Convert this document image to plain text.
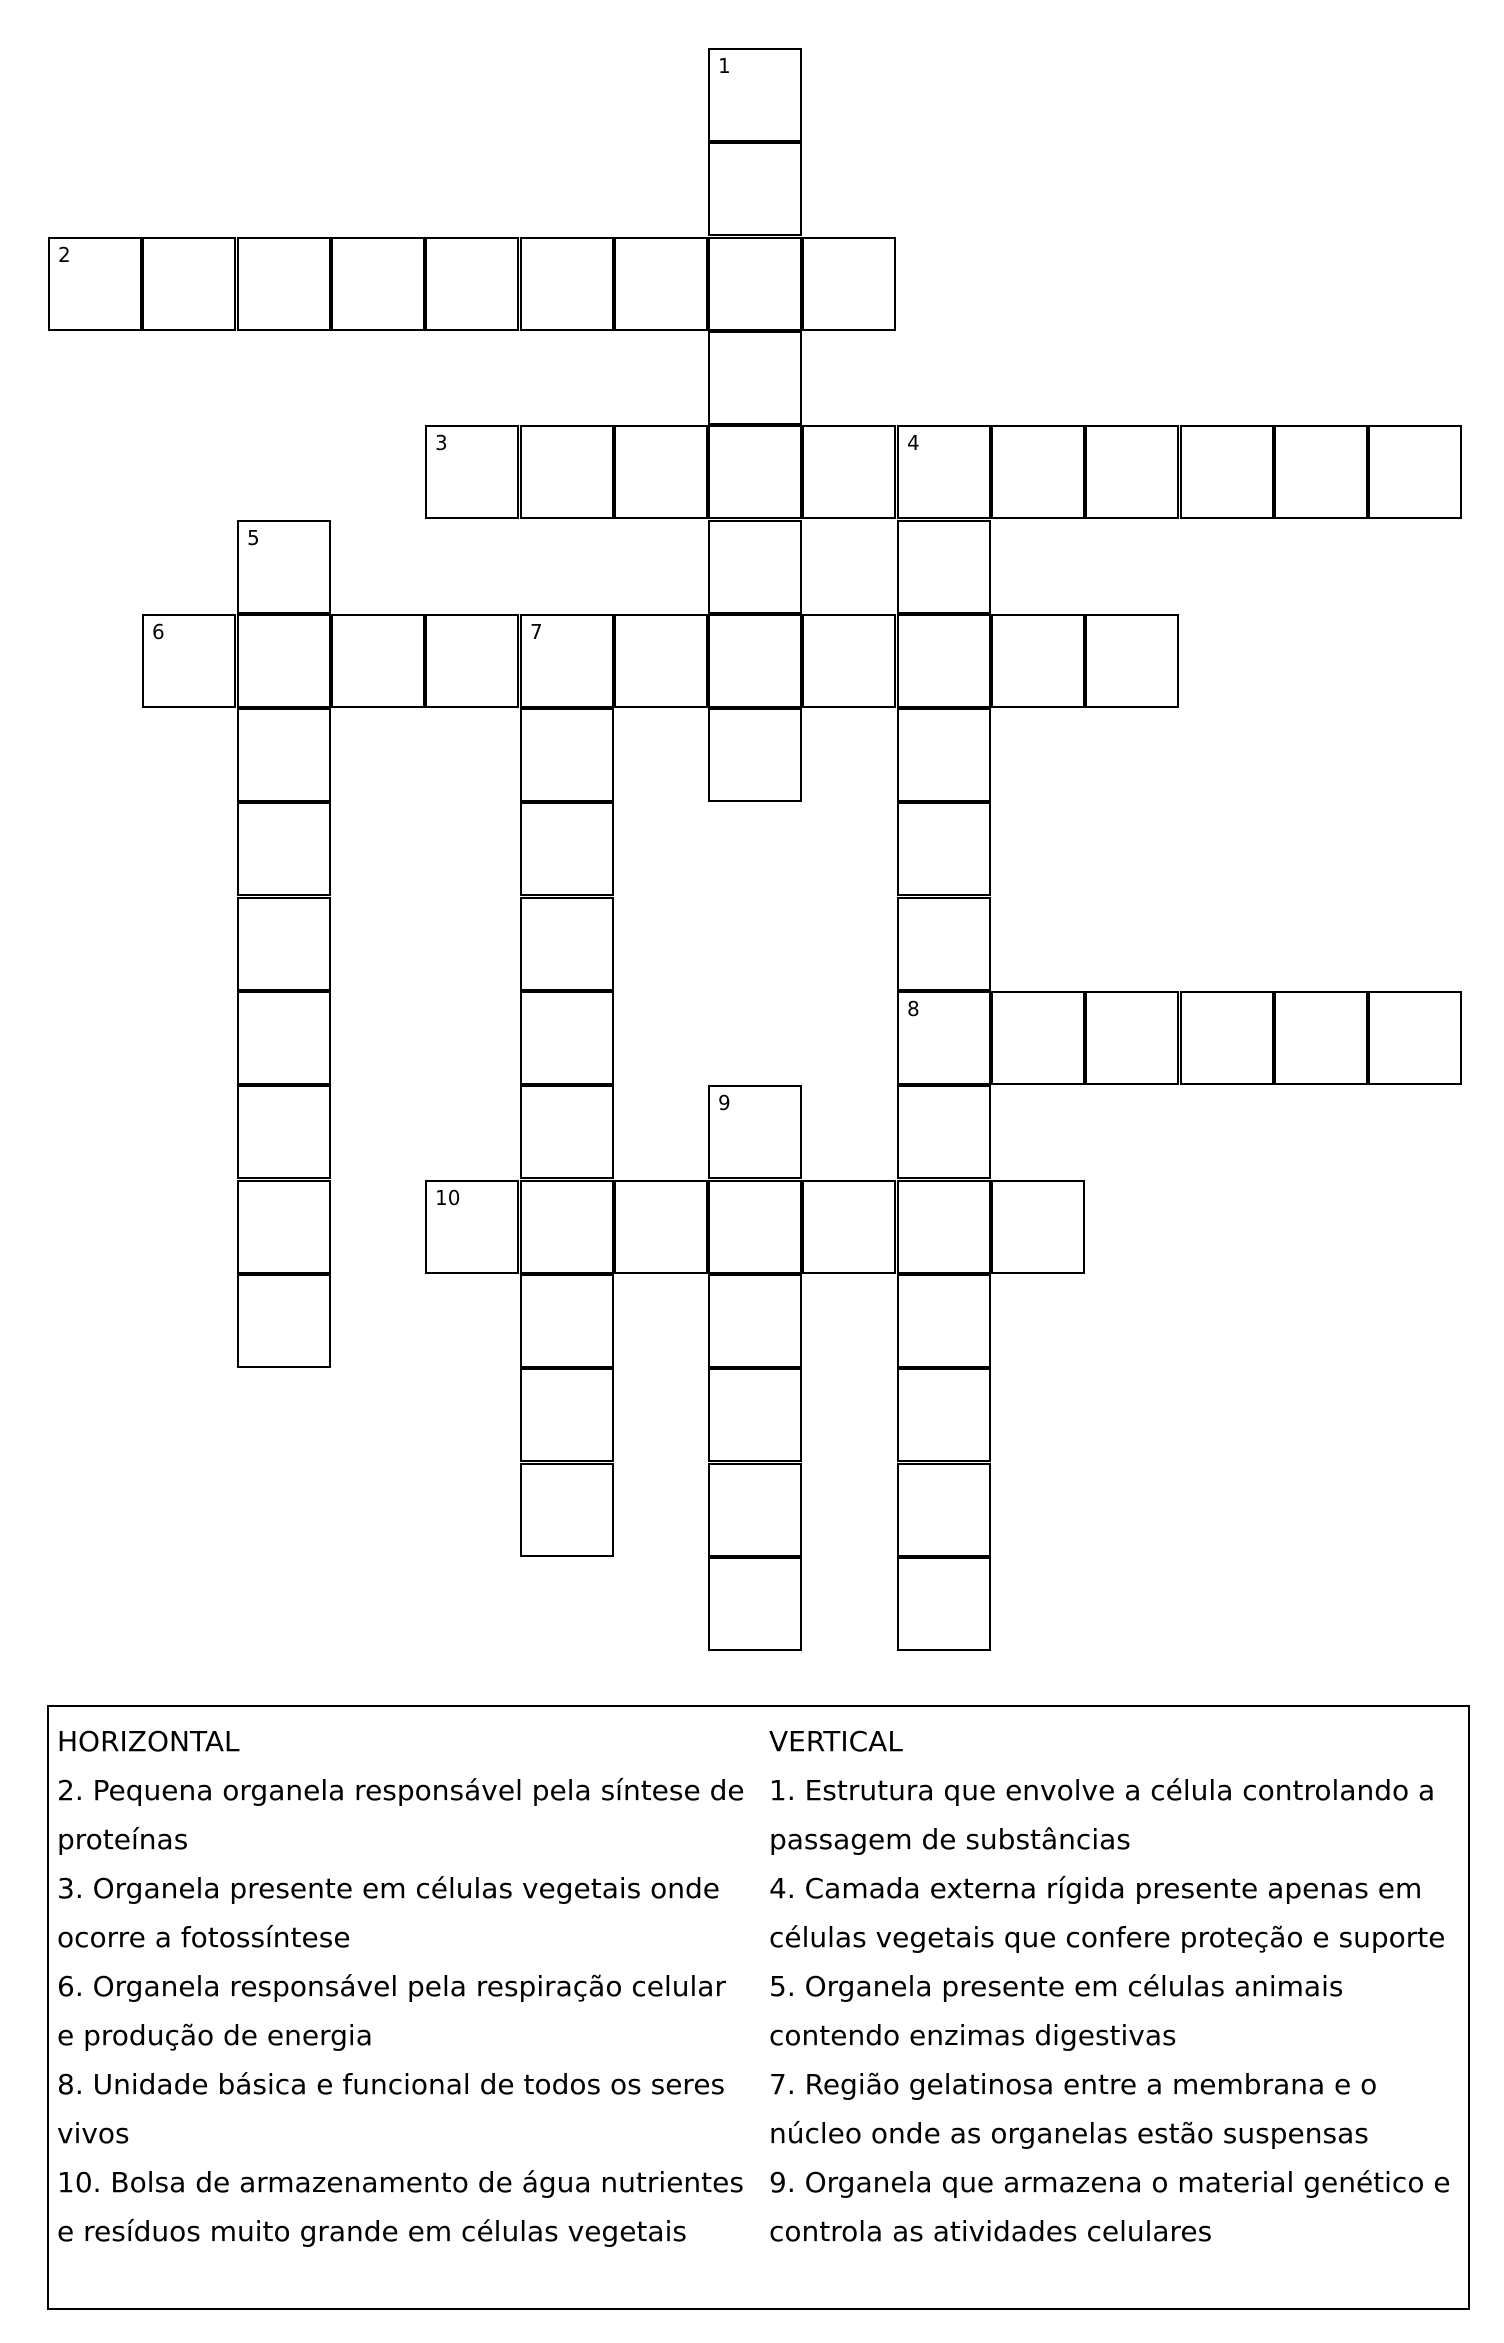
1
2
3	4
8
5
6	7
9
10
HORIZONTAL
2. Pequena organela responsável pela síntese de proteínas
3. Organela presente em células vegetais onde ocorre a fotossíntese
6. Organela responsável pela respiração celular e produção de energia
8. Unidade básica e funcional de todos os seres vivos
10. Bolsa de armazenamento de água nutrientes e resíduos muito grande em células vegetais
VERTICAL
1. Estrutura que envolve a célula controlando a passagem de substâncias
4. Camada externa rígida presente apenas em células vegetais que confere proteção e suporte
5. Organela presente em células animais contendo enzimas digestivas
7. Região gelatinosa entre a membrana e o núcleo onde as organelas estão suspensas
9. Organela que armazena o material genético e controla as atividades celulares
